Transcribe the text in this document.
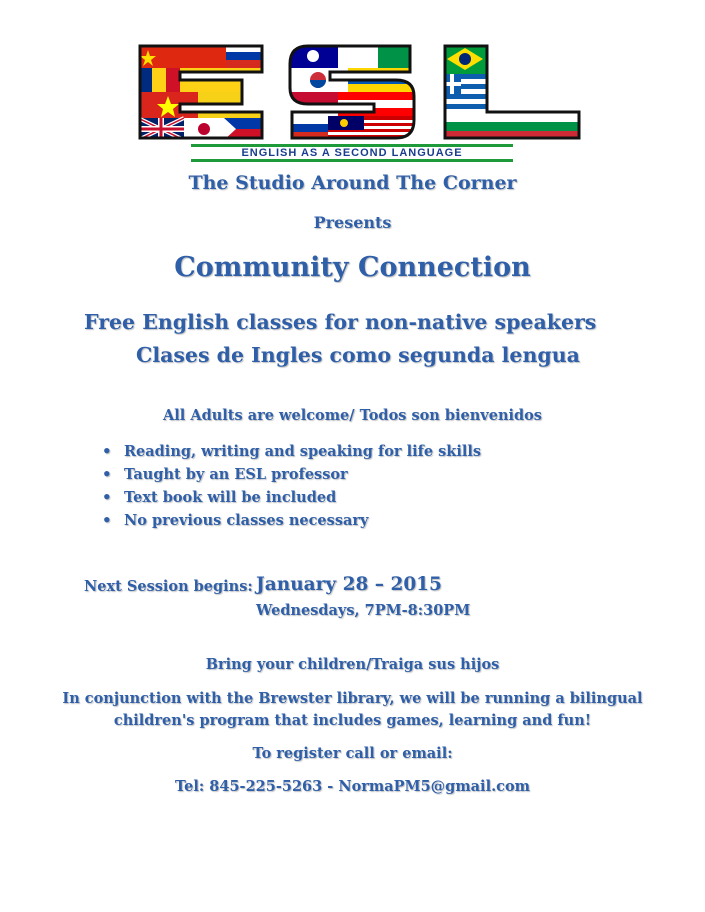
ENGLISH AS A SECOND LANGUAGE

The Studio Around The Corner

Presents

Community Connection

Free English classes for non-native speakers

Clases de Ingles como segunda lengua

All Adults are welcome/ Todos son bienvenidos

• Reading, writing and speaking for life skills
• Taught by an ESL professor
• Text book will be included
• No previous classes necessary

Next Session begins: January 28 – 2015

Wednesdays, 7PM-8:30PM

Bring your children/Traiga sus hijos

In conjunction with the Brewster library, we will be running a bilingual

children's program that includes games, learning and fun!

To register call or email:

Tel: 845-225-5263 - NormaPM5@gmail.com
